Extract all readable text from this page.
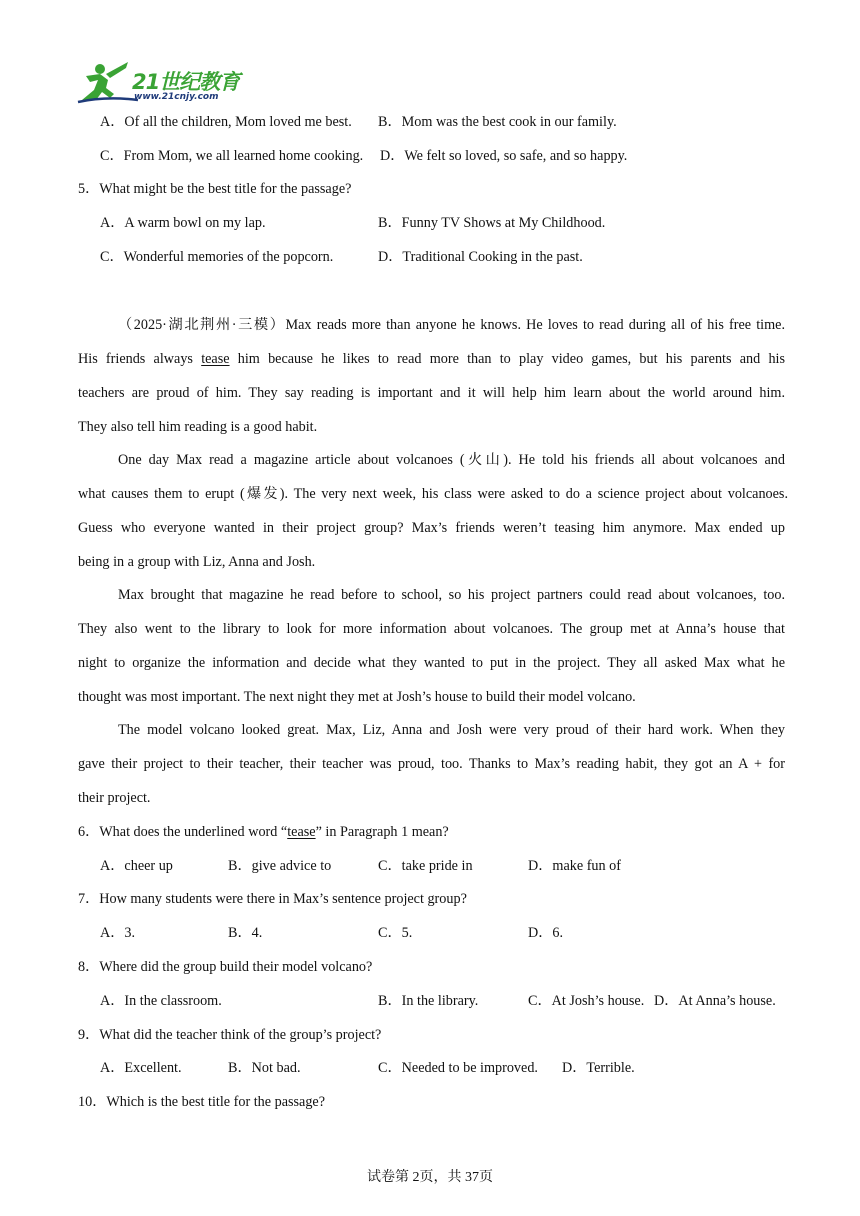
21世纪教育
www.21cnjy.com
A．Of all the children, Mom loved me best. B．Mom was the best cook in our family.
C．From Mom, we all learned home cooking. D．We felt so loved, so safe, and so happy.
5．What might be the best title for the passage?
A．A warm bowl on my lap.	B．Funny TV Shows at My Childhood.
C．Wonderful memories of the popcorn.	D．Traditional Cooking in the past.
（2025·湖北荆州·三模）Max reads more than anyone he knows. He loves to read during all of his free time.
His friends always tease him because he likes to read more than to play video games, but his parents and his
teachers are proud of him. They say reading is important and it will help him learn about the world around him.
They also tell him reading is a good habit.
One day Max read a magazine article about volcanoes (火山). He told his friends all about volcanoes and
what causes them to erupt (爆发). The very next week, his class were asked to do a science project about volcanoes.
Guess who everyone wanted in their project group? Max’s friends weren’t teasing him anymore. Max ended up
being in a group with Liz, Anna and Josh.
Max brought that magazine he read before to school, so his project partners could read about volcanoes, too.
They also went to the library to look for more information about volcanoes. The group met at Anna’s house that
night to organize the information and decide what they wanted to put in the project. They all asked Max what he
thought was most important. The next night they met at Josh’s house to build their model volcano.
The model volcano looked great. Max, Liz, Anna and Josh were very proud of their hard work. When they
gave their project to their teacher, their teacher was proud, too. Thanks to Max’s reading habit, they got an A + for
their project.
6．What does the underlined word “tease” in Paragraph 1 mean?
A．cheer up	B．give advice to	C．take pride in	D．make fun of
7．How many students were there in Max’s sentence project group?
A．3.	B．4.	C．5.	D．6.
8．Where did the group build their model volcano?
A．In the classroom.	B．In the library.	C．At Josh’s house. D．At Anna’s house.
9．What did the teacher think of the group’s project?
A．Excellent.	B．Not bad.	C．Needed to be improved. D．Terrible.
10．Which is the best title for the passage?
试卷第 2页，共 37页
